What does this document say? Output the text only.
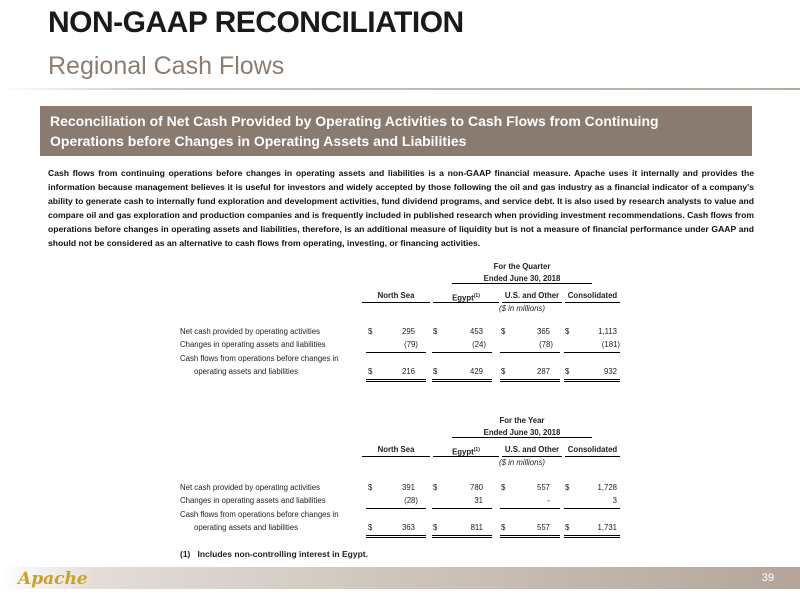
NON-GAAP RECONCILIATION
Regional Cash Flows
Reconciliation of Net Cash Provided by Operating Activities to Cash Flows from Continuing
Operations before Changes in Operating Assets and Liabilities
Cash flows from continuing operations before changes in operating assets and liabilities is a non-GAAP financial measure. Apache uses it internally and provides the information because management believes it is useful for investors and widely accepted by those following the oil and gas industry as a financial indicator of a company's ability to generate cash to internally fund exploration and development activities, fund dividend programs, and service debt. It is also used by research analysts to value and compare oil and gas exploration and production companies and is frequently included in published research when providing investment recommendations. Cash flows from operations before changes in operating assets and liabilities, therefore, is an additional measure of liquidity but is not a measure of financial performance under GAAP and should not be considered as an alternative to cash flows from operating, investing, or financing activities.
For the Quarter
Ended June 30, 2018
North Sea	Egypt$^{(1)}$	U.S. and Other	Consolidated
($ in millions)
Net cash provided by operating activities	$	295 $	453 $	365 $	1,113
Changes in operating assets and liabilities	(79)	(24)	(78)	(181)
Cash flows from operations before changes in
operating assets and liabilities	$	216 $	429 $	287 $	932
For the Year
Ended June 30, 2018
North Sea	Egypt$^{(1)}$	U.S. and Other	Consolidated
($ in millions)
Net cash provided by operating activities	$	391 $	780 $	557 $	1,728
Changes in operating assets and liabilities	(28)	31	-	3
Cash flows from operations before changes in
operating assets and liabilities	$	363 $	811 $	557 $	1,731
(1) Includes non-controlling interest in Egypt.
Apache	39
